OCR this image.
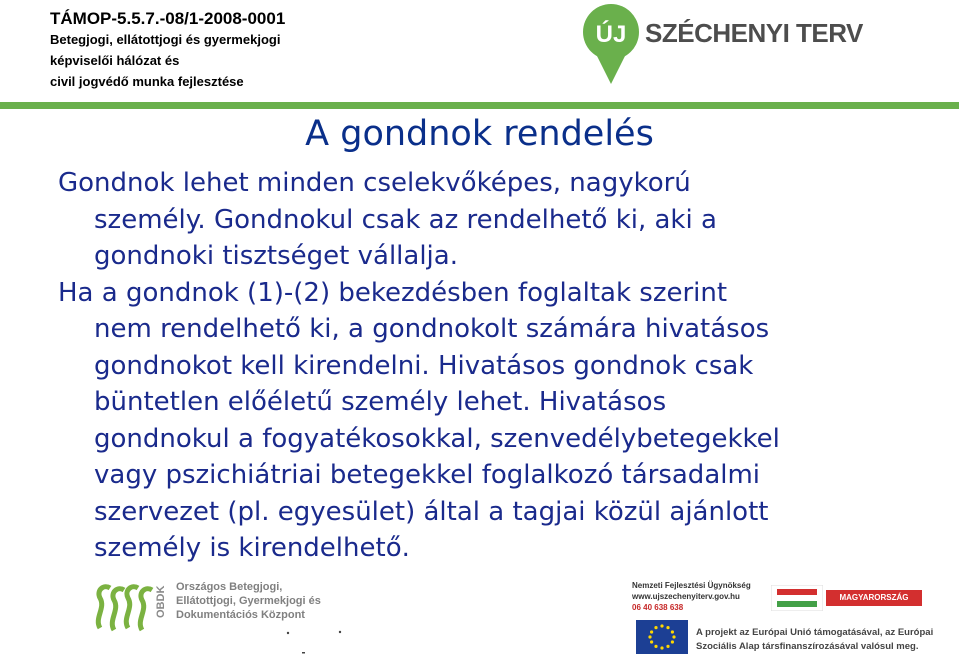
TÁMOP-5.5.7.-08/1-2008-0001
Betegjogi, ellátottjogi és gyermekjogi
képviselői hálózat és
civil jogvédő munka fejlesztése
ÚJ SZÉCHENYI TERV
A gondnok rendelés

Gondnok lehet minden cselekvőképes, nagykorú
személy. Gondnokul csak az rendelhető ki, aki a
gondnoki tisztséget vállalja.

Ha a gondnok (1)-(2) bekezdésben foglaltak szerint
nem rendelhető ki, a gondnokolt számára hivatásos
gondnokot kell kirendelni. Hivatásos gondnok csak
büntetlen előéletű személy lehet. Hivatásos
gondnokul a fogyatékosokkal, szenvedélybetegekkel
vagy pszichiátriai betegekkel foglalkozó társadalmi
szervezet (pl. egyesület) által a tagjai közül ajánlott
személy is kirendelhető.

OBDK Országos Betegjogi,
Ellátottjogi, Gyermekjogi és
Dokumentációs Központ
Nemzeti Fejlesztési Ügynökség
www.ujszechenyiterv.gov.hu
06 40 638 638
MAGYARORSZÁG MEGÚJUL
A projekt az Európai Unió támogatásával, az Európai
Szociális Alap társfinanszírozásával valósul meg.
